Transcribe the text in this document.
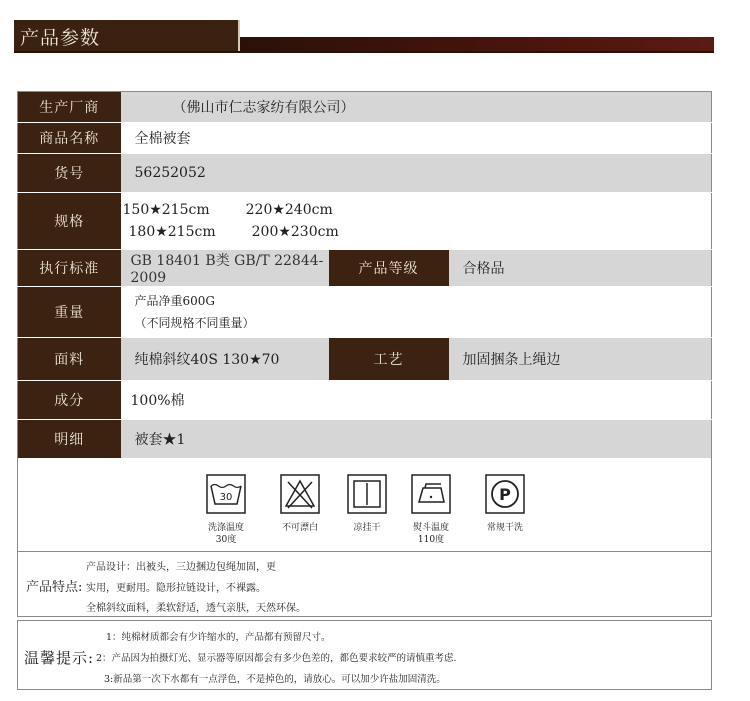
产品参数
生产厂商	（佛山市仁志家纺有限公司）		
商品名称	全棉被套		
货号	56252052		
规格	150★215cm 220★240cm
180★215cm 200★230cm		

执行标准	GB 18401 B类 GB/T 22844-2009	产品等级	合格品
重量	产品净重600G
（不同规格不同重量）		

面料	纯棉斜纹40S 130★70	工艺	加固捆条上绳边
成分	100%棉		
明细	被套★1		
30
洗涤温度
30度
不可漂白	凉挂干	熨斗温度
110度
P
常规干洗
产品特点:
产品设计：出被头，三边捆边包绳加固，更
实用，更耐用。隐形拉链设计，不裸露。
全棉斜纹面料，柔软舒适，透气亲肤，天然环保。
温馨提示:
1：纯棉材质都会有少许缩水的，产品都有预留尺寸。
2：产品因为拍摄灯光、显示器等原因都会有多少色差的，都色要求较严的请慎重考虑.
3:新品第一次下水都有一点浮色，不是掉色的，请放心。可以加少许盐加固清洗。
